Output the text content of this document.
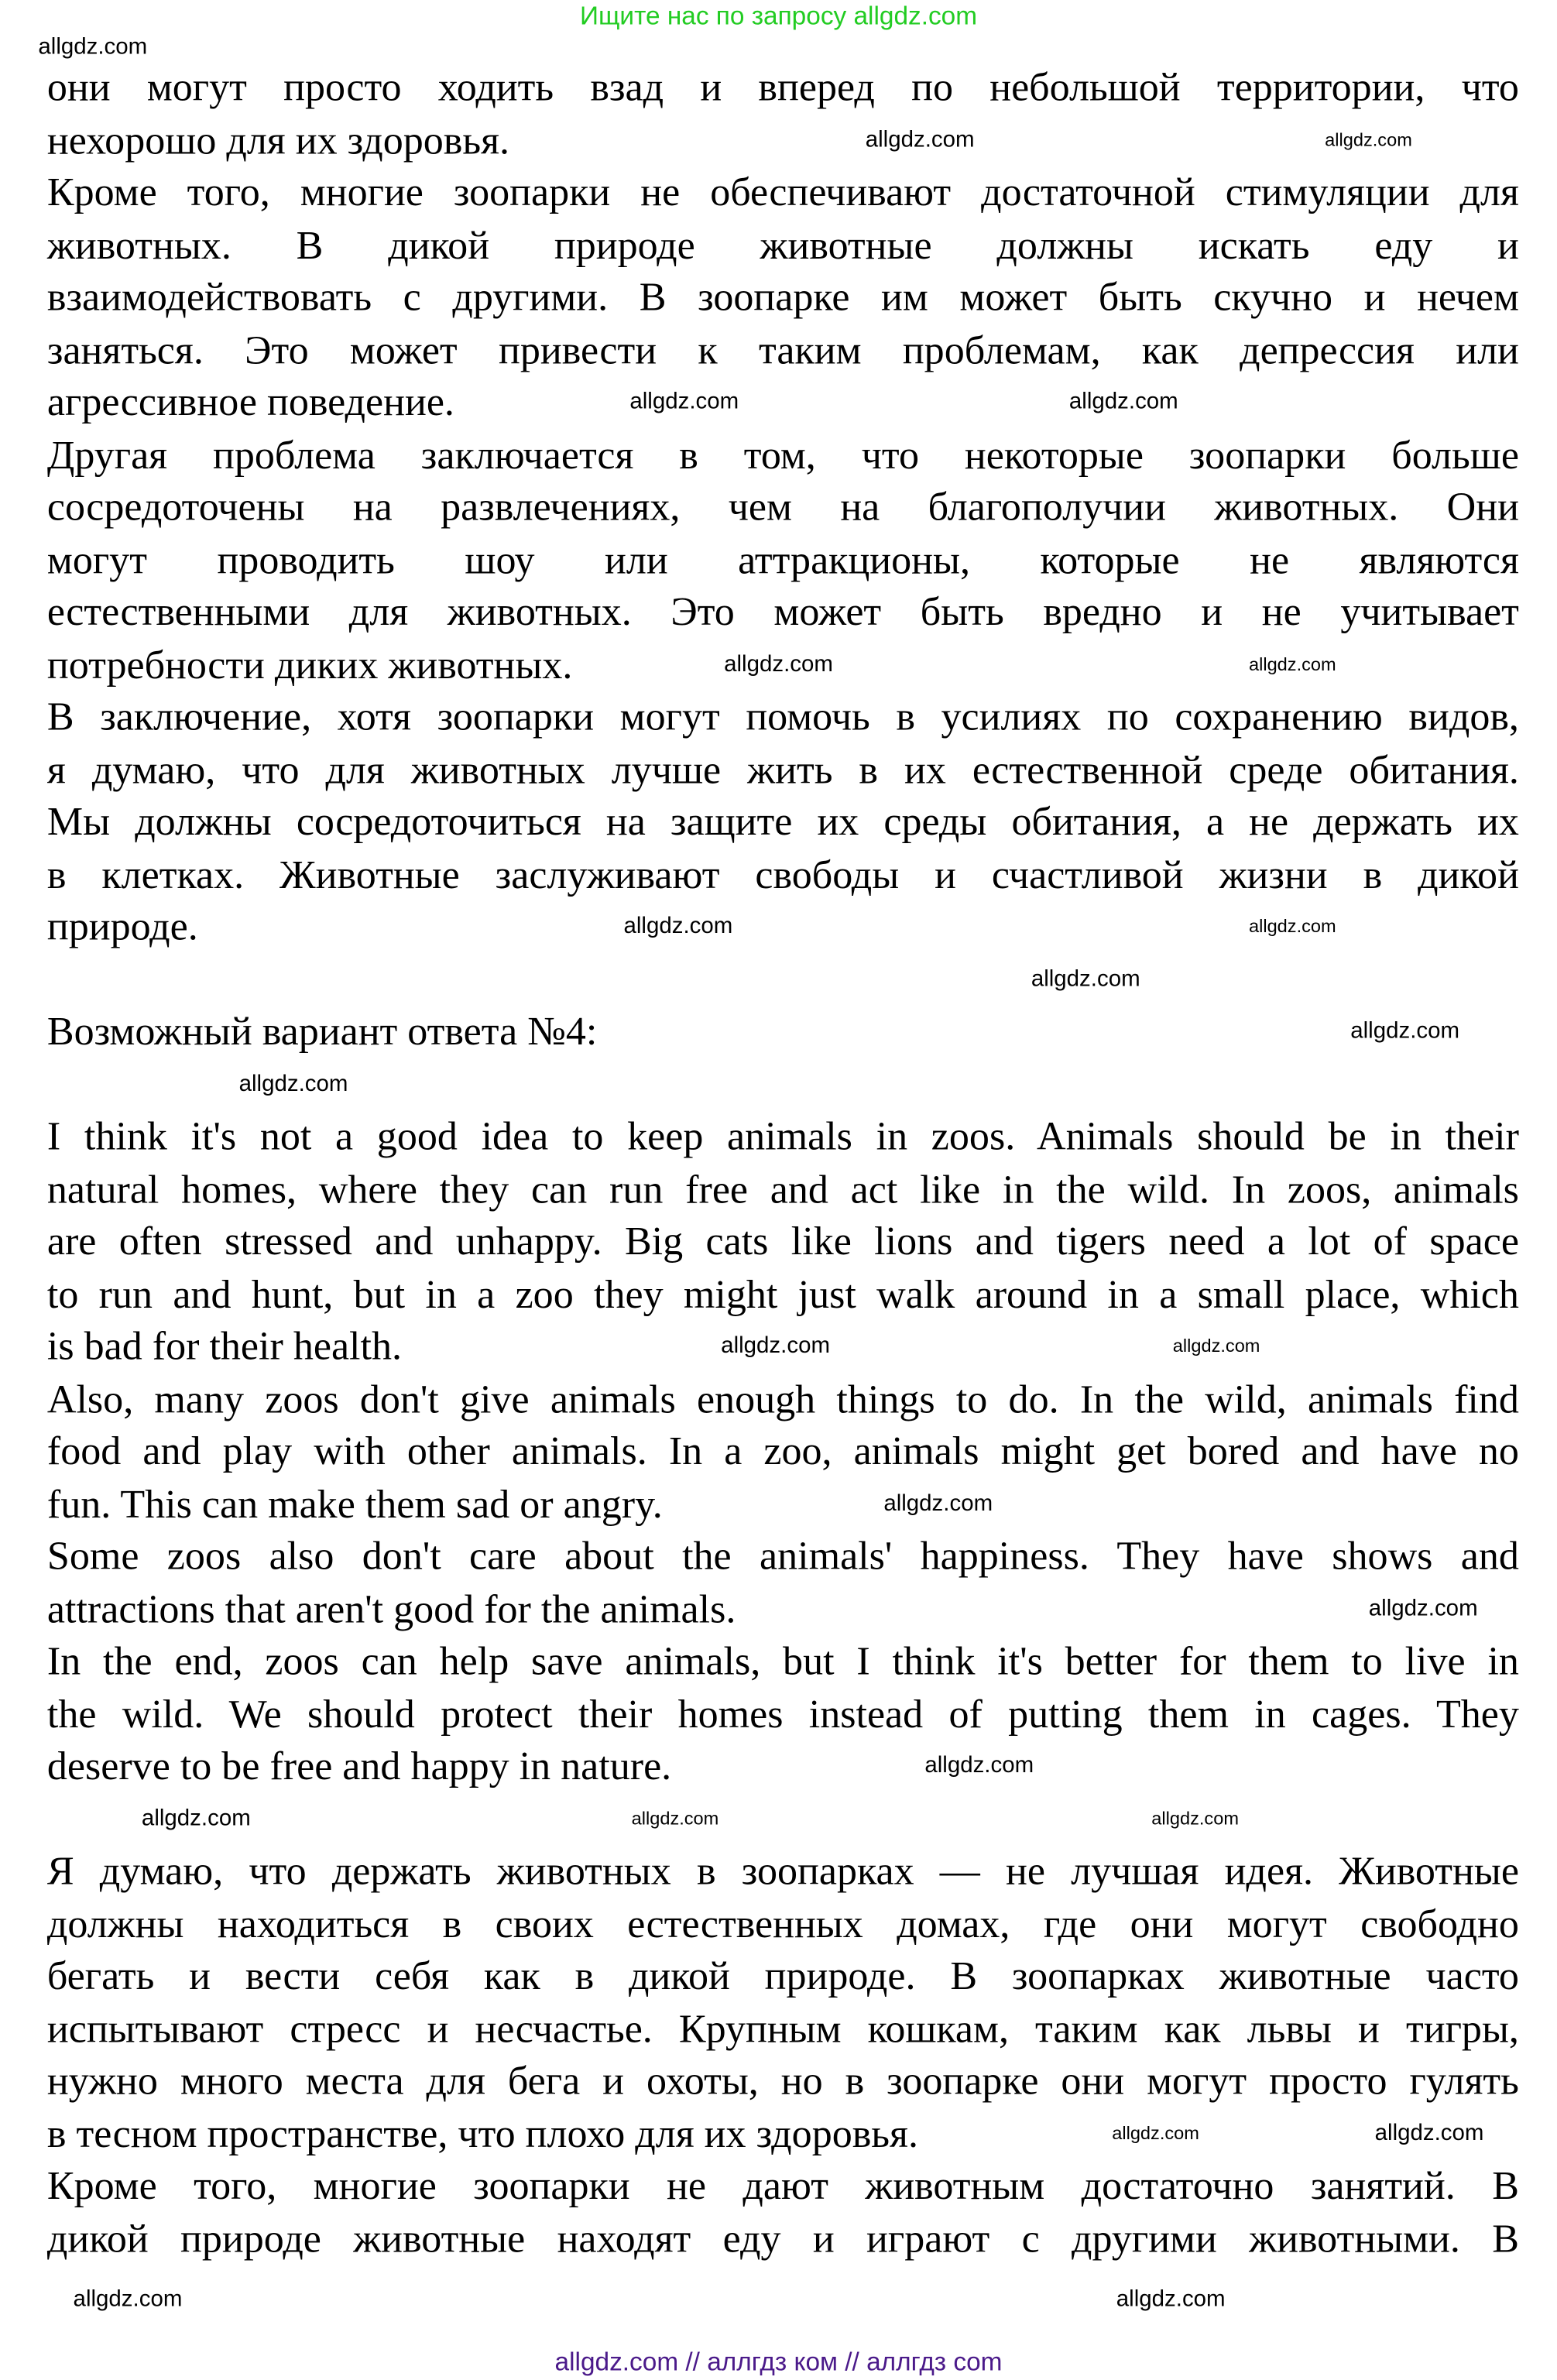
Ищите нас по запросу allgdz.com
они могут просто ходить взад и вперед по небольшой территории, что
нехорошо для их здоровья.
Кроме того, многие зоопарки не обеспечивают достаточной стимуляции для
животных. В дикой природе животные должны искать еду и
взаимодействовать с другими. В зоопарке им может быть скучно и нечем
заняться. Это может привести к таким проблемам, как депрессия или
агрессивное поведение.
Другая проблема заключается в том, что некоторые зоопарки больше
сосредоточены на развлечениях, чем на благополучии животных. Они
могут проводить шоу или аттракционы, которые не являются
естественными для животных. Это может быть вредно и не учитывает
потребности диких животных.
В заключение, хотя зоопарки могут помочь в усилиях по сохранению видов,
я думаю, что для животных лучше жить в их естественной среде обитания.
Мы должны сосредоточиться на защите их среды обитания, а не держать их
в клетках. Животные заслуживают свободы и счастливой жизни в дикой
природе.
Возможный вариант ответа №4:
I think it's not a good idea to keep animals in zoos. Animals should be in their
natural homes, where they can run free and act like in the wild. In zoos, animals
are often stressed and unhappy. Big cats like lions and tigers need a lot of space
to run and hunt, but in a zoo they might just walk around in a small place, which
is bad for their health.
Also, many zoos don't give animals enough things to do. In the wild, animals find
food and play with other animals. In a zoo, animals might get bored and have no
fun. This can make them sad or angry.
Some zoos also don't care about the animals' happiness. They have shows and
attractions that aren't good for the animals.
In the end, zoos can help save animals, but I think it's better for them to live in
the wild. We should protect their homes instead of putting them in cages. They
deserve to be free and happy in nature.
Я думаю, что держать животных в зоопарках — не лучшая идея. Животные
должны находиться в своих естественных домах, где они могут свободно
бегать и вести себя как в дикой природе. В зоопарках животные часто
испытывают стресс и несчастье. Крупным кошкам, таким как львы и тигры,
нужно много места для бега и охоты, но в зоопарке они могут просто гулять
в тесном пространстве, что плохо для их здоровья.
Кроме того, многие зоопарки не дают животным достаточно занятий. В
дикой природе животные находят еду и играют с другими животными. В
allgdz.com
allgdz.com	allgdz.com
allgdz.com	allgdz.com
allgdz.com
allgdz.com
allgdz.com
allgdz.com
allgdz.com
allgdz.com
allgdz.com
allgdz.com	allgdz.com
allgdz.com
allgdz.com
allgdz.com
allgdz.com	allgdz.com
allgdz.com
allgdz.com
allgdz.com
allgdz.com
allgdz.com
allgdz.com // аллгдз ком // аллгдз com
